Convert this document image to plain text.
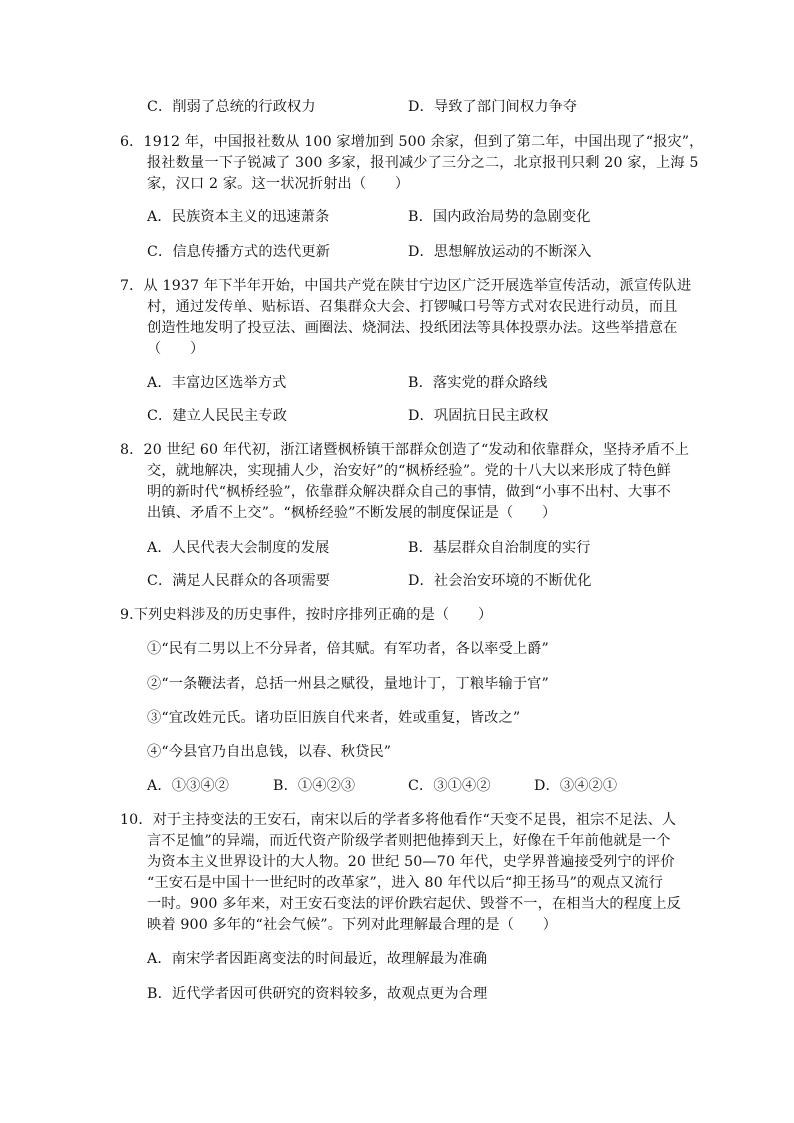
C．削弱了总统的行政权力	D．导致了部门间权力争夺
6．1912 年，中国报社数从 100 家增加到 500 余家，但到了第二年，中国出现了“报灾”，
报社数量一下子锐减了 300 多家，报刊减少了三分之二，北京报刊只剩 20 家，上海 5
家，汉口 2 家。这一状况折射出（　　）
A．民族资本主义的迅速萧条	B．国内政治局势的急剧变化
C．信息传播方式的迭代更新	D．思想解放运动的不断深入
7．从 1937 年下半年开始，中国共产党在陕甘宁边区广泛开展选举宣传活动，派宣传队进
村，通过发传单、贴标语、召集群众大会、打锣喊口号等方式对农民进行动员，而且
创造性地发明了投豆法、画圈法、烧洞法、投纸团法等具体投票办法。这些举措意在
（　　）
A．丰富边区选举方式	B．落实党的群众路线
C．建立人民民主专政	D．巩固抗日民主政权
8．20 世纪 60 年代初，浙江诸暨枫桥镇干部群众创造了“发动和依靠群众，坚持矛盾不上
交，就地解决，实现捕人少，治安好”的“枫桥经验”。党的十八大以来形成了特色鲜
明的新时代“枫桥经验”，依靠群众解决群众自己的事情，做到“小事不出村、大事不
出镇、矛盾不上交”。“枫桥经验”不断发展的制度保证是（　　）
A．人民代表大会制度的发展	B．基层群众自治制度的实行
C．满足人民群众的各项需要	D．社会治安环境的不断优化
9.下列史料涉及的历史事件，按时序排列正确的是（　　）
①“民有二男以上不分异者，倍其赋。有军功者，各以率受上爵”
②“一条鞭法者，总括一州县之赋役，量地计丁，丁粮毕输于官”
③“宜改姓元氏。诸功臣旧族自代来者，姓或重复，皆改之”
④“今县官乃自出息钱，以春、秋贷民”
A．①③④②	B．①④②③	C．③①④②	D．③④②①
10．对于主持变法的王安石，南宋以后的学者多将他看作“天变不足畏，祖宗不足法、人
言不足恤”的异端，而近代资产阶级学者则把他捧到天上，好像在千年前他就是一个
为资本主义世界设计的大人物。20 世纪 50—70 年代，史学界普遍接受列宁的评价
“王安石是中国十一世纪时的改革家”，进入 80 年代以后“抑王扬马”的观点又流行
一时。900 多年来，对王安石变法的评价跌宕起伏、毁誉不一，在相当大的程度上反
映着 900 多年的“社会气候”。下列对此理解最合理的是（　　）
A．南宋学者因距离变法的时间最近，故理解最为准确
B．近代学者因可供研究的资料较多，故观点更为合理
